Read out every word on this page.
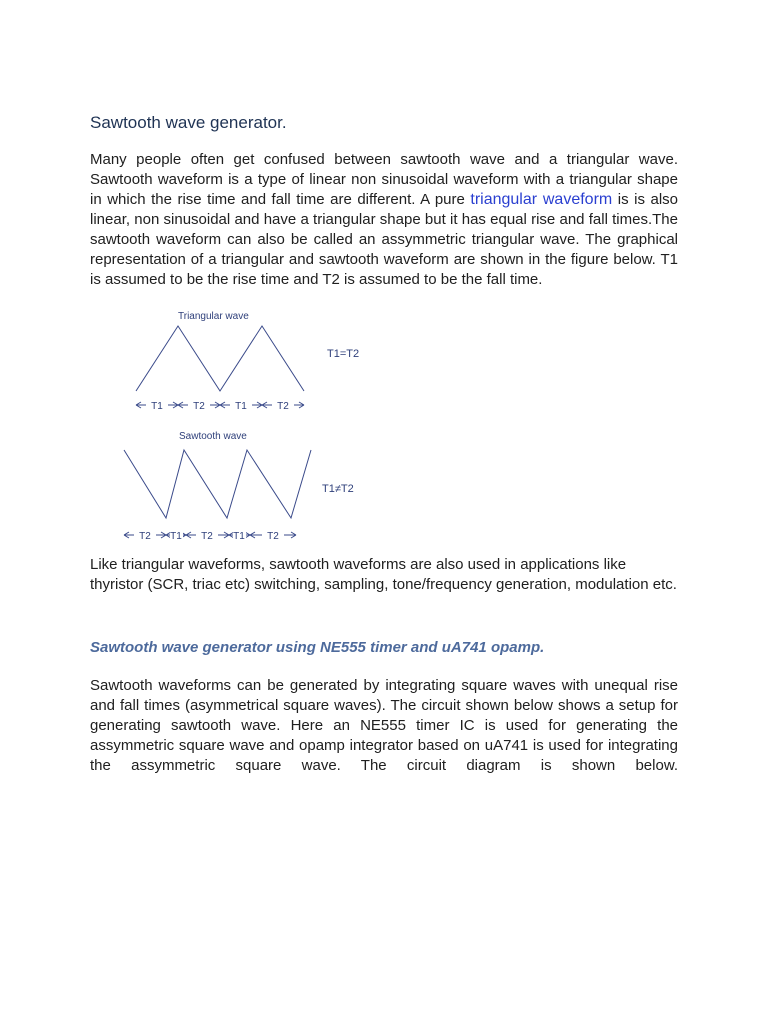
Sawtooth wave generator.

Many people often get confused between sawtooth wave and a triangular wave. Sawtooth waveform is a type of linear non sinusoidal waveform with a triangular shape in which the rise time and fall time are different. A pure triangular waveform is is also linear, non sinusoidal and have a triangular shape but it has equal rise and fall times.The sawtooth waveform can also be called an assymmetric triangular wave. The graphical representation of a triangular and sawtooth waveform are shown in the figure below. T1 is assumed to be the rise time and T2 is assumed to be the fall time.

Triangular wave
T1=T2
T1	T2	T1	T2
Sawtooth wave
T1≠T2
T2 T1 T2 T1 T2

Like triangular waveforms, sawtooth waveforms are also used in applications like thyristor (SCR, triac etc) switching, sampling, tone/frequency generation, modulation etc.

Sawtooth wave generator using NE555 timer and uA741 opamp.

Sawtooth waveforms can be generated by integrating square waves with unequal rise and fall times (asymmetrical square waves). The circuit shown below shows a setup for generating sawtooth wave. Here an NE555 timer IC is used for generating the assymmetric square wave and opamp integrator based on uA741 is used for integrating the assymmetric square wave. The circuit diagram is shown below.
